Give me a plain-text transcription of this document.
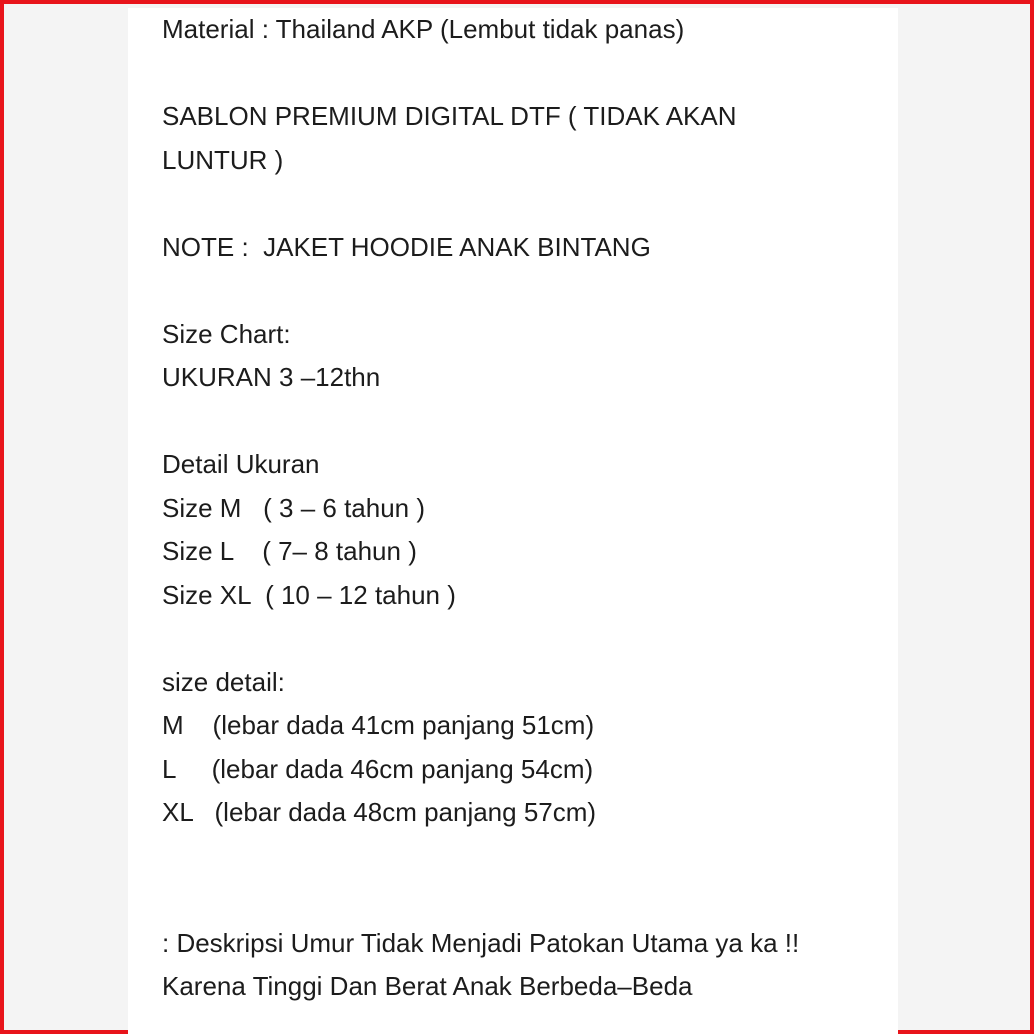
Material : Thailand AKP (Lembut tidak panas)
SABLON PREMIUM DIGITAL DTF ( TIDAK AKAN
LUNTUR )
NOTE :  JAKET HOODIE ANAK BINTANG
Size Chart:
UKURAN 3 –12thn
Detail Ukuran
Size M   ( 3 – 6 tahun )
Size L    ( 7– 8 tahun )
Size XL  ( 10 – 12 tahun )
size detail:
M    (lebar dada 41cm panjang 51cm)
L     (lebar dada 46cm panjang 54cm)
XL   (lebar dada 48cm panjang 57cm)
: Deskripsi Umur Tidak Menjadi Patokan Utama ya ka !!
Karena Tinggi Dan Berat Anak Berbeda–Beda
